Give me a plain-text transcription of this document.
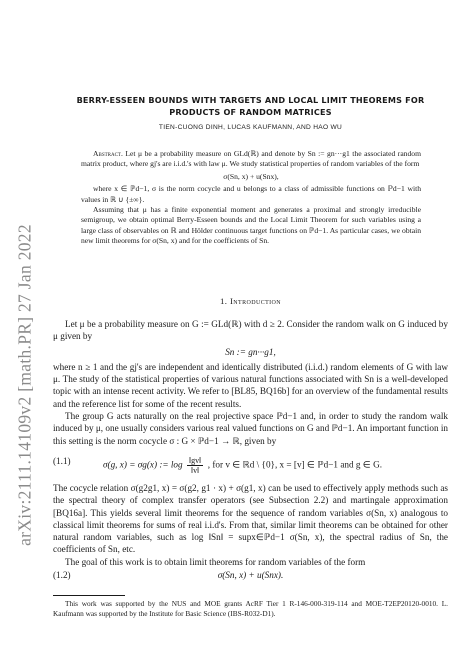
arXiv:2111.14109v2 [math.PR] 27 Jan 2022
BERRY-ESSEEN BOUNDS WITH TARGETS AND LOCAL LIMIT THEOREMS FOR
PRODUCTS OF RANDOM MATRICES
TIEN-CUONG DINH, LUCAS KAUFMANN, AND HAO WU

Abstract. Let μ be a probability measure on GLd(ℝ) and denote by Sn := gn···g1 the associated random matrix product, where gj's are i.i.d.'s with law μ. We study statistical properties of random variables of the form

σ(Sn, x) + u(Snx),

where x ∈ ℙd−1, σ is the norm cocycle and u belongs to a class of admissible functions on ℙd−1 with values in ℝ ∪ {±∞}.

Assuming that μ has a finite exponential moment and generates a proximal and strongly irreducible semigroup, we obtain optimal Berry-Esseen bounds and the Local Limit Theorem for such variables using a large class of observables on ℝ and Hölder continuous target functions on ℙd−1. As particular cases, we obtain new limit theorems for σ(Sn, x) and for the coefficients of Sn.

1. Introduction

Let μ be a probability measure on G := GLd(ℝ) with d ≥ 2. Consider the random walk on G induced by μ given by

Sn := gn···g1,

where n ≥ 1 and the gj's are independent and identically distributed (i.i.d.) random elements of G with law μ. The study of the statistical properties of various natural functions associated with Sn is a well-developed topic with an intense recent activity. We refer to [BL85, BQ16b] for an overview of the fundamental results and the reference list for some of the recent results.

The group G acts naturally on the real projective space ℙd−1 and, in order to study the random walk induced by μ, one usually considers various real valued functions on G and ℙd−1. An important function in this setting is the norm cocycle σ : G × ℙd−1 → ℝ, given by

(1.1)	σ(g, x) = σg(x) := $\log \frac{‖gv‖}{‖v‖}$ , for v ∈ ℝd \ {0}, x = [v] ∈ ℙd−1 and g ∈ G.

The cocycle relation σ(g2g1, x) = σ(g2, g1 · x) + σ(g1, x) can be used to effectively apply methods such as the spectral theory of complex transfer operators (see Subsection 2.2) and martingale approximation [BQ16a]. This yields several limit theorems for the sequence of random variables σ(Sn, x) analogous to classical limit theorems for sums of real i.i.d's. From that, similar limit theorems can be obtained for other natural random variables, such as log ‖Sn‖ = supx∈ℙd−1 σ(Sn, x), the spectral radius of Sn, the coefficients of Sn, etc.

The goal of this work is to obtain limit theorems for random variables of the form

(1.2)	σ(Sn, x) + u(Snx).

This work was supported by the NUS and MOE grants AcRF Tier 1 R-146-000-319-114 and MOE-T2EP20120-0010. L. Kaufmann was supported by the Institute for Basic Science (IBS-R032-D1).
